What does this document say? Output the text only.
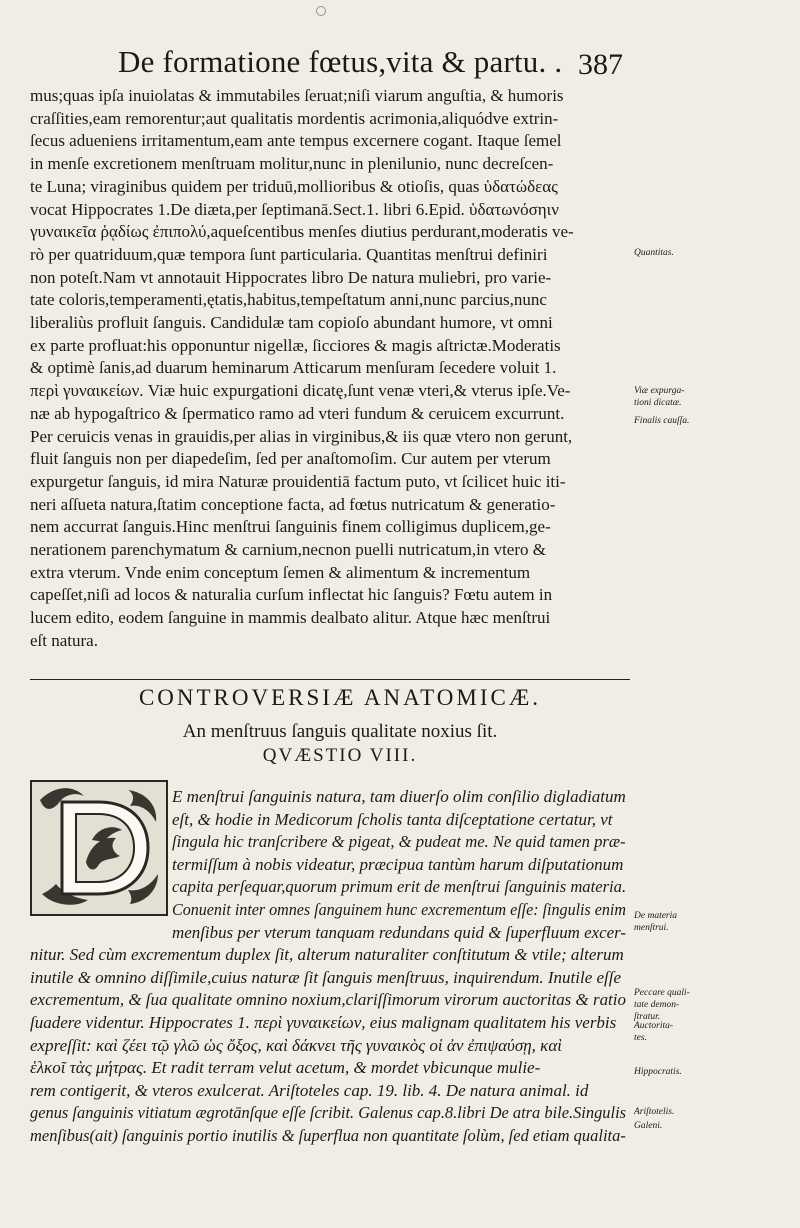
De formatione fœtus,vita & partu. . 387
mus;quas ipſa inuiolatas & immutabiles ſeruat;niſi viarum anguſtia, & humoris
craſſities,eam remorentur;aut qualitatis mordentis acrimonia,aliquódve extrin-
ſecus adueniens irritamentum,eam ante tempus excernere cogant. Itaque ſemel
in menſe excretionem menſtruam molitur,nunc in plenilunio, nunc decreſcen-
te Luna; viraginibus quidem per triduū,mollioribus & otioſis, quas ὑδατώδεας
vocat Hippocrates 1.De diæta,per ſeptimanā.Sect.1. libri 6.Epid. ὑδατωνόσηιν
γυναικεῖα ῥᾳδίως ἐπιπολύ,aqueſcentibus menſes diutius perdurant,moderatis ve-
rò per quatriduum,quæ tempora ſunt particularia. Quantitas menſtrui definiri
non poteſt.Nam vt annotauit Hippocrates libro De natura muliebri, pro varie-
tate coloris,temperamenti,ętatis,habitus,tempeſtatum anni,nunc parcius,nunc
liberaliùs profluit ſanguis. Candidulæ tam copioſo abundant humore, vt omni
ex parte profluat:his opponuntur nigellæ, ſicciores & magis aſtrictæ.Moderatis
& optimè ſanis,ad duarum heminarum Atticarum menſuram ſecedere voluit 1.
περὶ γυναικείων. Viæ huic expurgationi dicatę,ſunt venæ vteri,& vterus ipſe.Ve-
næ ab hypogaſtrico & ſpermatico ramo ad vteri fundum & ceruicem excurrunt.
Per ceruicis venas in grauidis,per alias in virginibus,& iis quæ vtero non gerunt,
fluit ſanguis non per diapedeſim, ſed per anaſtomoſim. Cur autem per vterum
expurgetur ſanguis, id mira Naturæ prouidentiā factum puto, vt ſcilicet huic iti-
neri aſſueta natura,ſtatim conceptione facta, ad fœtus nutricatum & generatio-
nem accurrat ſanguis.Hinc menſtrui ſanguinis finem colligimus duplicem,ge-
nerationem parenchymatum & carnium,necnon puelli nutricatum,in vtero &
extra vterum. Vnde enim conceptum ſemen & alimentum & incrementum
capeſſet,niſi ad locos & naturalia curſum inflectat hic ſanguis? Fœtu autem in
lucem edito, eodem ſanguine in mammis dealbato alitur. Atque hæc menſtrui
eſt natura.
E menſtrui ſanguinis natura, tam diuerſo olim conſilio digladiatum
eſt, & hodie in Medicorum ſcholis tanta diſceptatione certatur, vt
ſingula hic tranſcribere & pigeat, & pudeat me. Ne quid tamen præ-
termiſſum à nobis videatur, præcipua tantùm harum diſputationum
capita perſequar,quorum primum erit de menſtrui ſanguinis materia.
Conuenit inter omnes ſanguinem hunc excrementum eſſe: ſingulis enim
menſibus per vterum tanquam redundans quid & ſuperfluum excer-
nitur. Sed cùm excrementum duplex ſit, alterum naturaliter conſtitutum & vtile; alterum
inutile & omnino diſſimile,cuius naturæ ſit ſanguis menſtruus, inquirendum. Inutile eſſe
excrementum, & ſua qualitate omnino noxium,clariſſimorum virorum auctoritas & ratio
ſuadere videntur. Hippocrates 1. περὶ γυναικείων, eius malignam qualitatem his verbis
expreſſit: καὶ ζέει τῷ γλῶ ὡς ὄξος, καὶ δάκνει τῆς γυναικὸς οἱ ἀν ἐπιψαύσῃ, καὶ
ἑλκοῖ τὰς μήτρας. Et radit terram velut acetum, & mordet vbicunque mulie-
rem contigerit, & vteros exulcerat. Ariſtoteles cap. 19. lib. 4. De natura animal. id
genus ſanguinis vitiatum ægrotānſque eſſe ſcribit. Galenus cap.8.libri De atra bile.Singulis
menſibus(ait) ſanguinis portio inutilis & ſuperflua non quantitate ſolùm, ſed etiam qualita-
CONTROVERSIÆ ANATOMICÆ.
An menſtruus ſanguis qualitate noxius ſit.
QVÆSTIO VIII.
Quantitas.
Viæ expurga-
tioni dicatæ.
Finalis cauſſa.
De materia
menſtrui.
Peccare quali-
tate demon-
ſtratur.
Auctorita-
tes.
Hippocratis.
Ariſtotelis.
Galeni.
